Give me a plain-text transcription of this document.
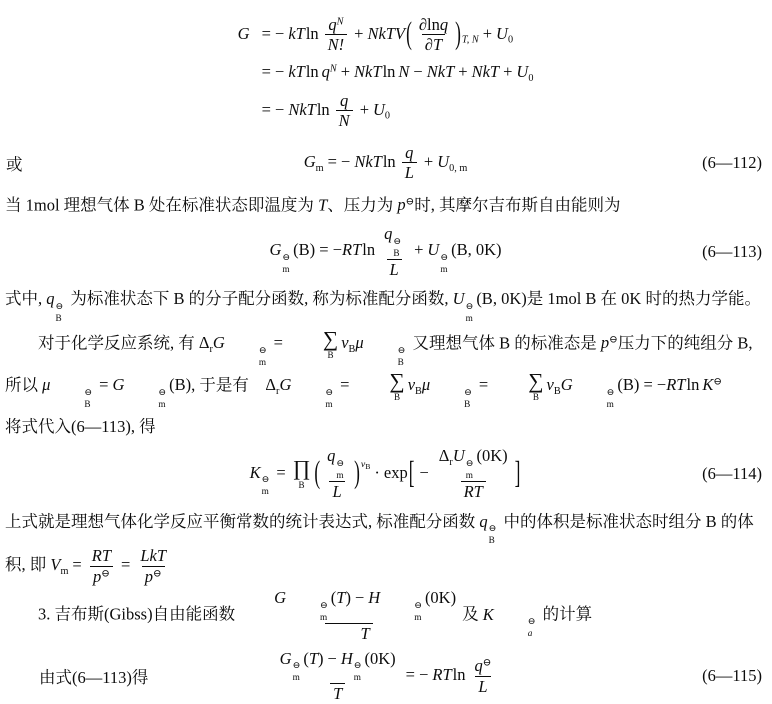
G = − kTln $\frac{q^N}{N!}$ + NkTV( $\frac{\partial\ln q}{\partial T} )_{T, N} + U_0$
= − kTln $q^N + NkTln$ N − NkT + NkT + $U_0$
= − NkTln $\frac{q}{N} + U_0$
或	$G_m$ = − NkTln $\frac{q}{L} + U_{0, m}$	(6—112)
当 1mol 理想气体 B 处在标准状态即温度为 T、压力为 p⊖时, 其摩尔吉布斯自由能则为
G ⊖
m
(B) = −RTln q ⊖
B
L + U ⊖
m
(B, 0K)	(6—113)
式中, q ⊖
B
为标准状态下 B 的分子配分函数, 称为标准配分函数, U ⊖
m
(B, 0K)是 1mol B 在 0K 时的热力学能。
对于化学反应系统, 有 $\Delta_rG$	⊖
m
=	∑
B
$\nu_B\mu$	⊖
B
又理想气体 B 的标准态是 p⊖压力下的纯组分 B, 所以 μ	⊖
B
= G	⊖
m
(B), 于是有　$\Delta_rG$	⊖
m
=	∑
B
$\nu_B\mu$	⊖
B
=	∑
B
$\nu_BG$	⊖
m
(B) = −RTln K⊖
将式代入(6—113), 得
K ⊖
m
= ∏
B ( q ⊖
m
L )$^{\nu B} \cdot \exp[ - \Delta_rU$ ⊖
m
(0K)
RT ]	(6—114)
上式就是理想气体化学反应平衡常数的统计表达式, 标准配分函数 q ⊖
B
中的体积是标准状态时组分 B 的体积, 即 $V_m = \frac{RT}{p^⊖} = \frac{\text{LkT}}{p^⊖}$
3. 吉布斯(Gibss)自由能函数 G	⊖
m
(T) − H	⊖
m
(0K)
T 及 K	⊖
a
的计算
由式(6—113)得	G ⊖
m
(T) − H ⊖
m
(0K)
T = − RTln $\frac{q^⊖}{L}$	(6—115)
